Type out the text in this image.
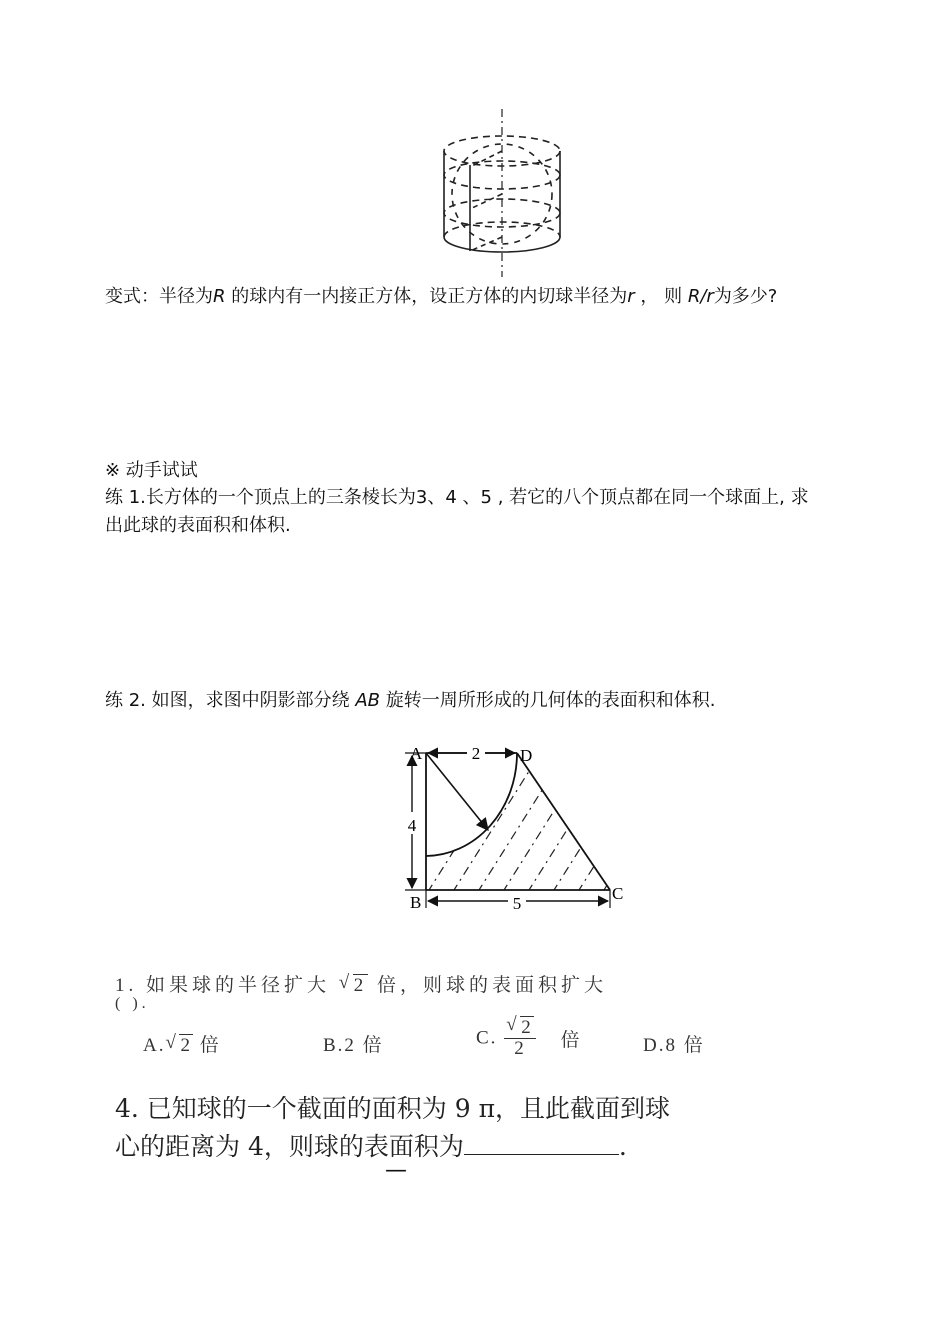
变式：半径为R 的球内有一内接正方体，设正方体的内切球半径为r ， 则 R/r为多少?
※ 动手试试
练 1.长方体的一个顶点上的三条棱长为3、4 、5 , 若它的八个顶点都在同一个球面上, 求
出此球的表面积和体积.
练 2. 如图，求图中阴影部分绕 AB 旋转一周所形成的几何体的表面积和体积.
2
4
5
A	D
B	C
1. 如果球的半径扩大 √ 2 倍，则球的表面积扩大
( ).
A. √ 2 倍	B.2 倍	C. $\frac{√ 2}{2}$ 倍	D.8 倍
4. 已知球的一个截面的面积为 9 π，且此截面到球
心的距离为 4，则球的表面积为	.
—
